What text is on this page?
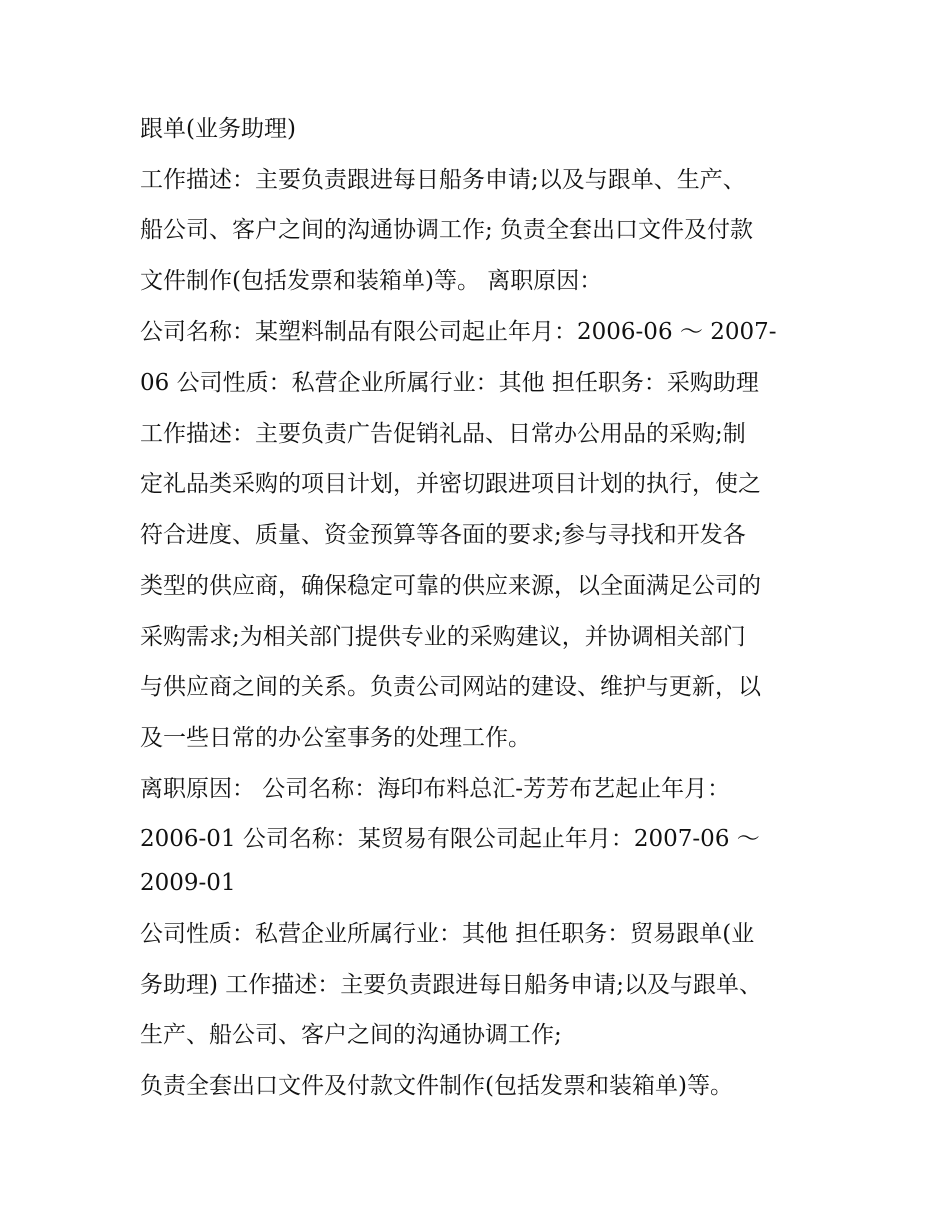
跟单(业务助理)
工作描述：主要负责跟进每日船务申请;以及与跟单、生产、
船公司、客户之间的沟通协调工作; 负责全套出口文件及付款
文件制作(包括发票和装箱单)等。 离职原因：
公司名称：某塑料制品有限公司起止年月：2006-06 ～ 2007-
06 公司性质：私营企业所属行业：其他 担任职务：采购助理
工作描述：主要负责广告促销礼品、日常办公用品的采购;制
定礼品类采购的项目计划，并密切跟进项目计划的执行，使之
符合进度、质量、资金预算等各面的要求;参与寻找和开发各
类型的供应商，确保稳定可靠的供应来源，以全面满足公司的
采购需求;为相关部门提供专业的采购建议，并协调相关部门
与供应商之间的关系。负责公司网站的建设、维护与更新，以
及一些日常的办公室事务的处理工作。
离职原因： 公司名称：海印布料总汇-芳芳布艺起止年月：
2006-01 公司名称：某贸易有限公司起止年月：2007-06 ～
2009-01
公司性质：私营企业所属行业：其他 担任职务：贸易跟单(业
务助理) 工作描述：主要负责跟进每日船务申请;以及与跟单、
生产、船公司、客户之间的沟通协调工作;
负责全套出口文件及付款文件制作(包括发票和装箱单)等。
